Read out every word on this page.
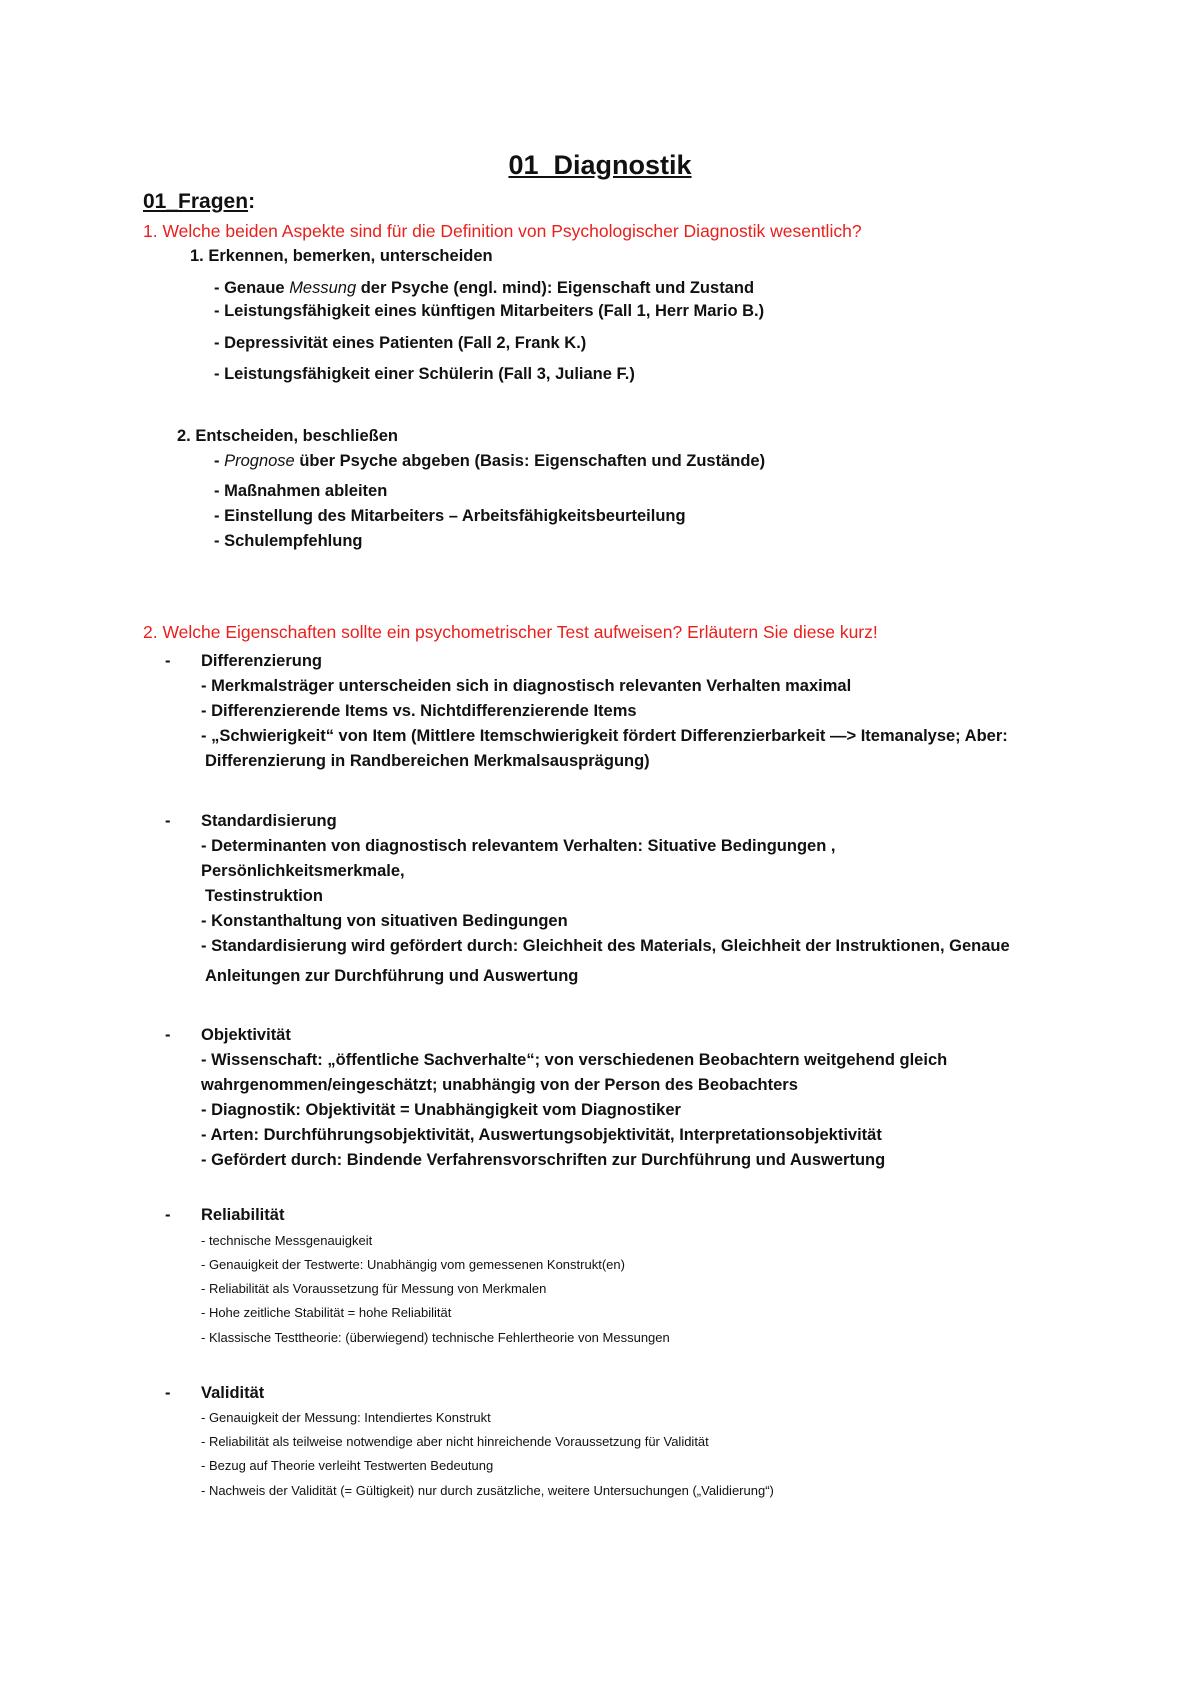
01_Diagnostik
01_Fragen:
1. Welche beiden Aspekte sind für die Definition von Psychologischer Diagnostik wesentlich?
1. Erkennen, bemerken, unterscheiden
- Genaue Messung der Psyche (engl. mind): Eigenschaft und Zustand
- Leistungsfähigkeit eines künftigen Mitarbeiters (Fall 1, Herr Mario B.)
- Depressivität eines Patienten (Fall 2, Frank K.)
- Leistungsfähigkeit einer Schülerin (Fall 3, Juliane F.)
2. Entscheiden, beschließen
- Prognose über Psyche abgeben (Basis: Eigenschaften und Zustände)
- Maßnahmen ableiten
- Einstellung des Mitarbeiters – Arbeitsfähigkeitsbeurteilung
- Schulempfehlung
2. Welche Eigenschaften sollte ein psychometrischer Test aufweisen? Erläutern Sie diese kurz!
- Differenzierung
- Merkmalsträger unterscheiden sich in diagnostisch relevanten Verhalten maximal
- Differenzierende Items vs. Nichtdifferenzierende Items
- „Schwierigkeit“ von Item (Mittlere Itemschwierigkeit fördert Differenzierbarkeit —> Itemanalyse; Aber:
Differenzierung in Randbereichen Merkmalsausprägung)
- Standardisierung
- Determinanten von diagnostisch relevantem Verhalten: Situative Bedingungen ,
Persönlichkeitsmerkmale,
Testinstruktion
- Konstanthaltung von situativen Bedingungen
- Standardisierung wird gefördert durch: Gleichheit des Materials, Gleichheit der Instruktionen, Genaue
Anleitungen zur Durchführung und Auswertung
- Objektivität
- Wissenschaft: „öffentliche Sachverhalte“; von verschiedenen Beobachtern weitgehend gleich
wahrgenommen/eingeschätzt; unabhängig von der Person des Beobachters
- Diagnostik: Objektivität = Unabhängigkeit vom Diagnostiker
- Arten: Durchführungsobjektivität, Auswertungsobjektivität, Interpretationsobjektivität
- Gefördert durch: Bindende Verfahrensvorschriften zur Durchführung und Auswertung
- Reliabilität
- technische Messgenauigkeit
- Genauigkeit der Testwerte: Unabhängig vom gemessenen Konstrukt(en)
- Reliabilität als Voraussetzung für Messung von Merkmalen
- Hohe zeitliche Stabilität = hohe Reliabilität
- Klassische Testtheorie: (überwiegend) technische Fehlertheorie von Messungen
- Validität
- Genauigkeit der Messung: Intendiertes Konstrukt
- Reliabilität als teilweise notwendige aber nicht hinreichende Voraussetzung für Validität
- Bezug auf Theorie verleiht Testwerten Bedeutung
- Nachweis der Validität (= Gültigkeit) nur durch zusätzliche, weitere Untersuchungen („Validierung“)
